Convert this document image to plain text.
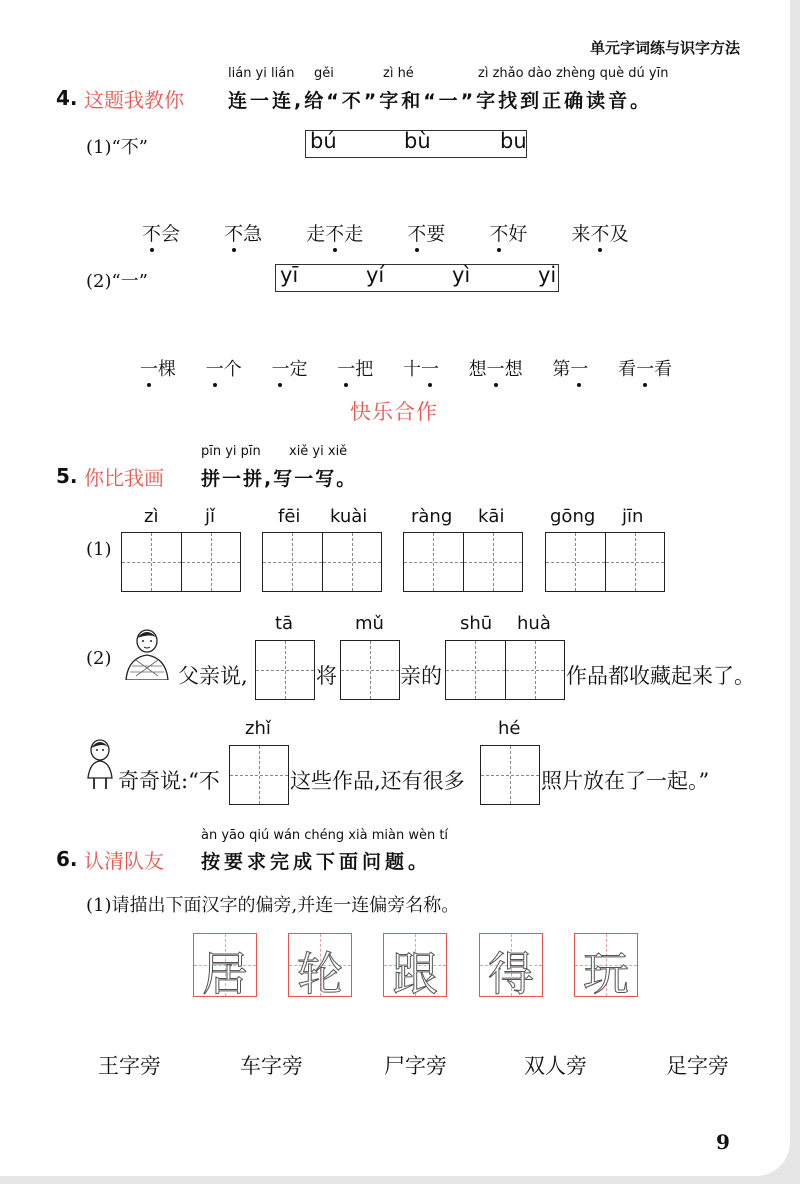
单元字词练与识字方法
lián yi lián gěi	zì hé	zì zhǎo dào zhèng què dú yīn
4. 这题我教你 连一连,给“不”字和“一”字找到正确读音。
(1)“不”	bú	bù	bu
不会 不急 走不走 不要 不好 来不及
(2)“一”	yī	yí	yì	yi
一棵 一个 一定 一把 十一 想一想 第一 看一看
快乐合作
pīn yi pīn xiě yi xiě
5. 你比我画 拼一拼,写一写。
zì	jǐ	fēi kuài ràng kāi	gōng jīn
(1)
tā	mǔ	shū huà
(2)
父亲说,	将	亲的	作品都收藏起来了。
zhǐ	hé
奇奇说:“不	这些作品,还有很多	照片放在了一起。”
àn yāo qiú wán chéng xià miàn wèn tí
6. 认清队友 按要求完成下面问题。
(1)请描出下面汉字的偏旁,并连一连偏旁名称。
居 轮 跟 得 玩
王字旁	车字旁	尸字旁	双人旁	足字旁
9
